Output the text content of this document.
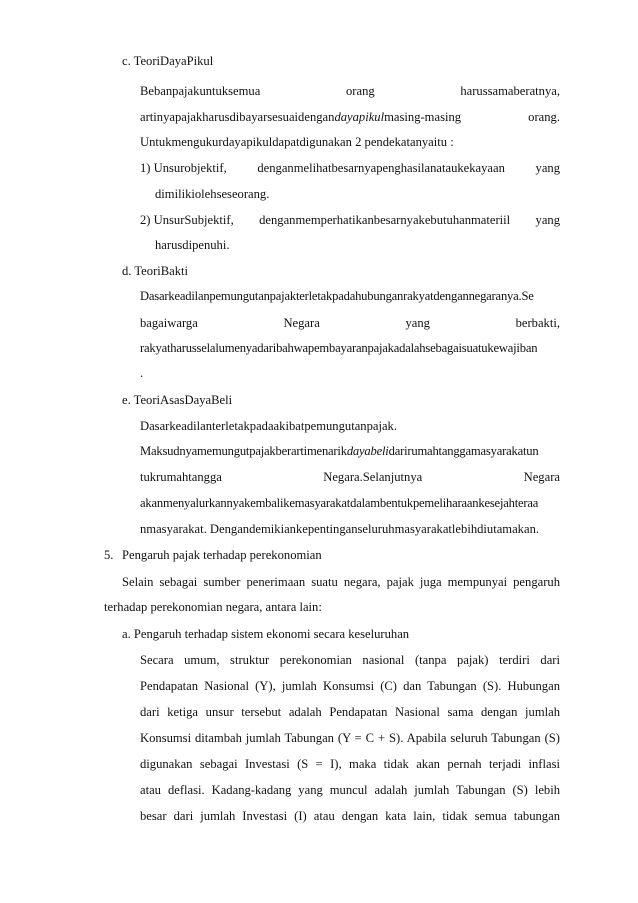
c. TeoriDayaPikul
Bebanpajakuntuksemua	orang	harussamaberatnya,
artinyapajakharusdibayarsesuaidengandayapikulmasing-masing	orang.
Untukmengukurdayapikuldapatdigunakan 2 pendekatanyaitu :
1) Unsurobjektif, denganmelihatbesarnyapenghasilanataukekayaan yang
dimilikiolehseseorang.
2) UnsurSubjektif, denganmemperhatikanbesarnyakebutuhanmateriil yang
harusdipenuhi.
d. TeoriBakti
Dasarkeadilanpemungutanpajakterletakpadahubunganrakyatdengannegaranya.Se
bagaiwarga	Negara	yang	berbakti,
rakyatharusselalumenyadaribahwapembayaranpajakadalahsebagaisuatukewajiban
.
e. TeoriAsasDayaBeli
Dasarkeadilanterletakpadaakibatpemungutanpajak.
Maksudnyamemungutpajakberartimenarikdayabelidarirumahtanggamasyarakatun
tukrumahtangga	Negara.Selanjutnya	Negara
akanmenyalurkannyakembalikemasyarakatdalambentukpemeliharaankesejahteraa
nmasyarakat. Dengandemikiankepentinganseluruhmasyarakatlebihdiutamakan.
5. Pengaruh pajak terhadap perekonomian
Selain sebagai sumber penerimaan suatu negara, pajak juga mempunyai pengaruh
terhadap perekonomian negara, antara lain:
a. Pengaruh terhadap sistem ekonomi secara keseluruhan
Secara umum, struktur perekonomian nasional (tanpa pajak) terdiri dari
Pendapatan Nasional (Y), jumlah Konsumsi (C) dan Tabungan (S). Hubungan
dari ketiga unsur tersebut adalah Pendapatan Nasional sama dengan jumlah
Konsumsi ditambah jumlah Tabungan (Y = C + S). Apabila seluruh Tabungan (S)
digunakan sebagai Investasi (S = I), maka tidak akan pernah terjadi inflasi
atau deflasi. Kadang-kadang yang muncul adalah jumlah Tabungan (S) lebih
besar dari jumlah Investasi (I) atau dengan kata lain, tidak semua tabungan
